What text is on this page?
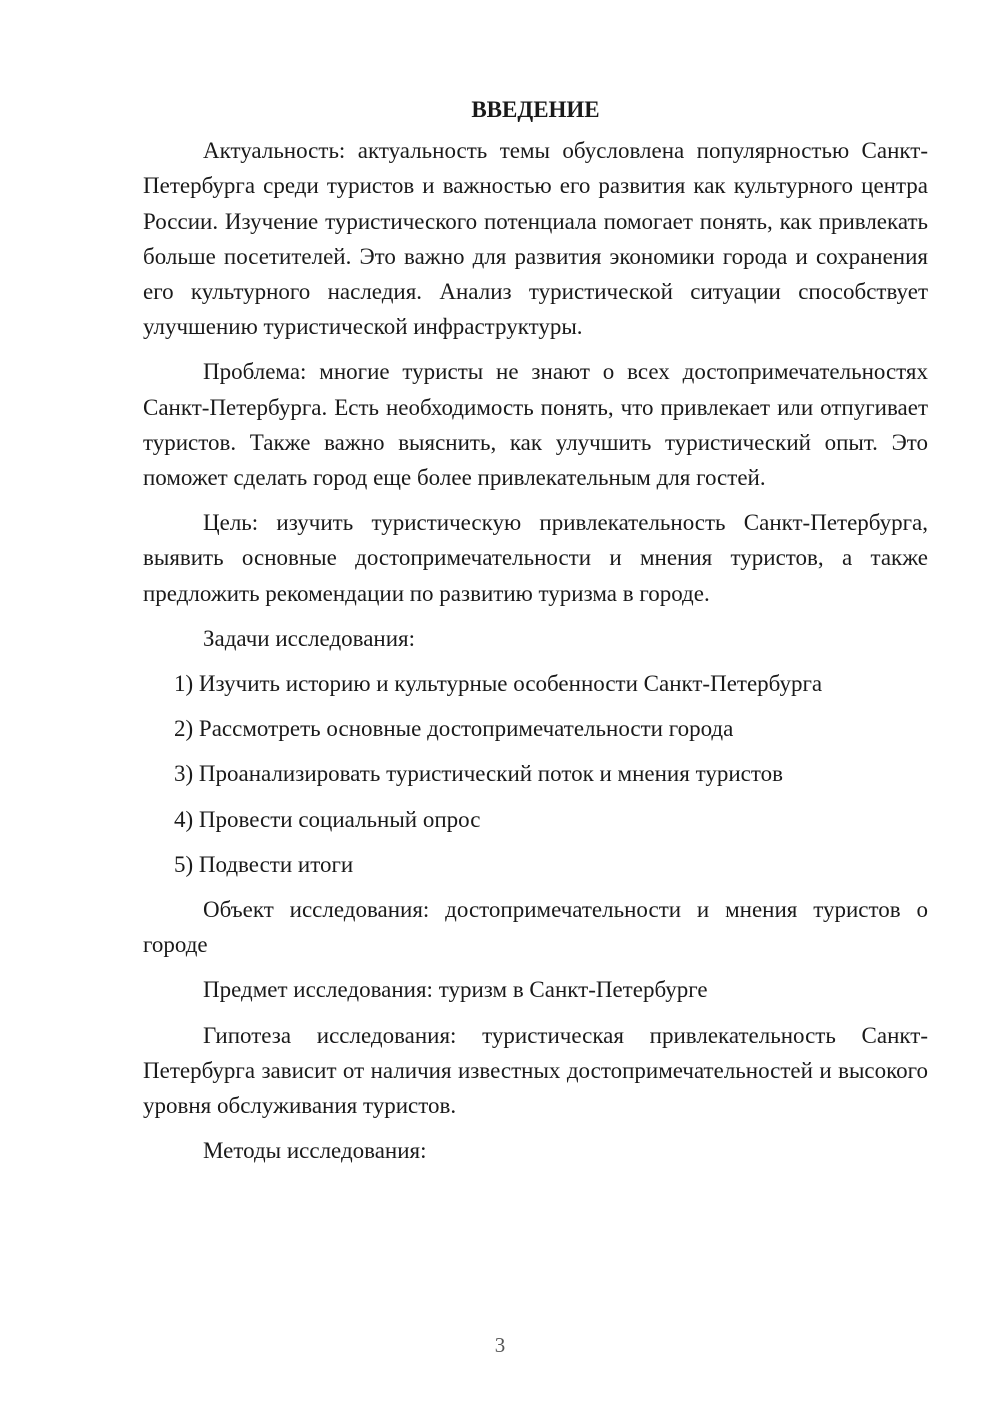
ВВЕДЕНИЕ

Актуальность: актуальность темы обусловлена популярностью Санкт-Петербурга среди туристов и важностью его развития как культурного центра России. Изучение туристического потенциала помогает понять, как привлекать больше посетителей. Это важно для развития экономики города и сохранения его культурного наследия. Анализ туристической ситуации способствует улучшению туристической инфраструктуры.

Проблема: многие туристы не знают о всех достопримечательностях Санкт-Петербурга. Есть необходимость понять, что привлекает или отпугивает туристов. Также важно выяснить, как улучшить туристический опыт. Это поможет сделать город еще более привлекательным для гостей.

Цель: изучить туристическую привлекательность Санкт-Петербурга, выявить основные достопримечательности и мнения туристов, а также предложить рекомендации по развитию туризма в городе.

Задачи исследования:

1) Изучить историю и культурные особенности Санкт-Петербурга
2) Рассмотреть основные достопримечательности города
3) Проанализировать туристический поток и мнения туристов
4) Провести социальный опрос
5) Подвести итоги

Объект исследования: достопримечательности и мнения туристов о городе

Предмет исследования: туризм в Санкт-Петербурге

Гипотеза исследования: туристическая привлекательность Санкт-Петербурга зависит от наличия известных достопримечательностей и высокого уровня обслуживания туристов.

Методы исследования:

3
